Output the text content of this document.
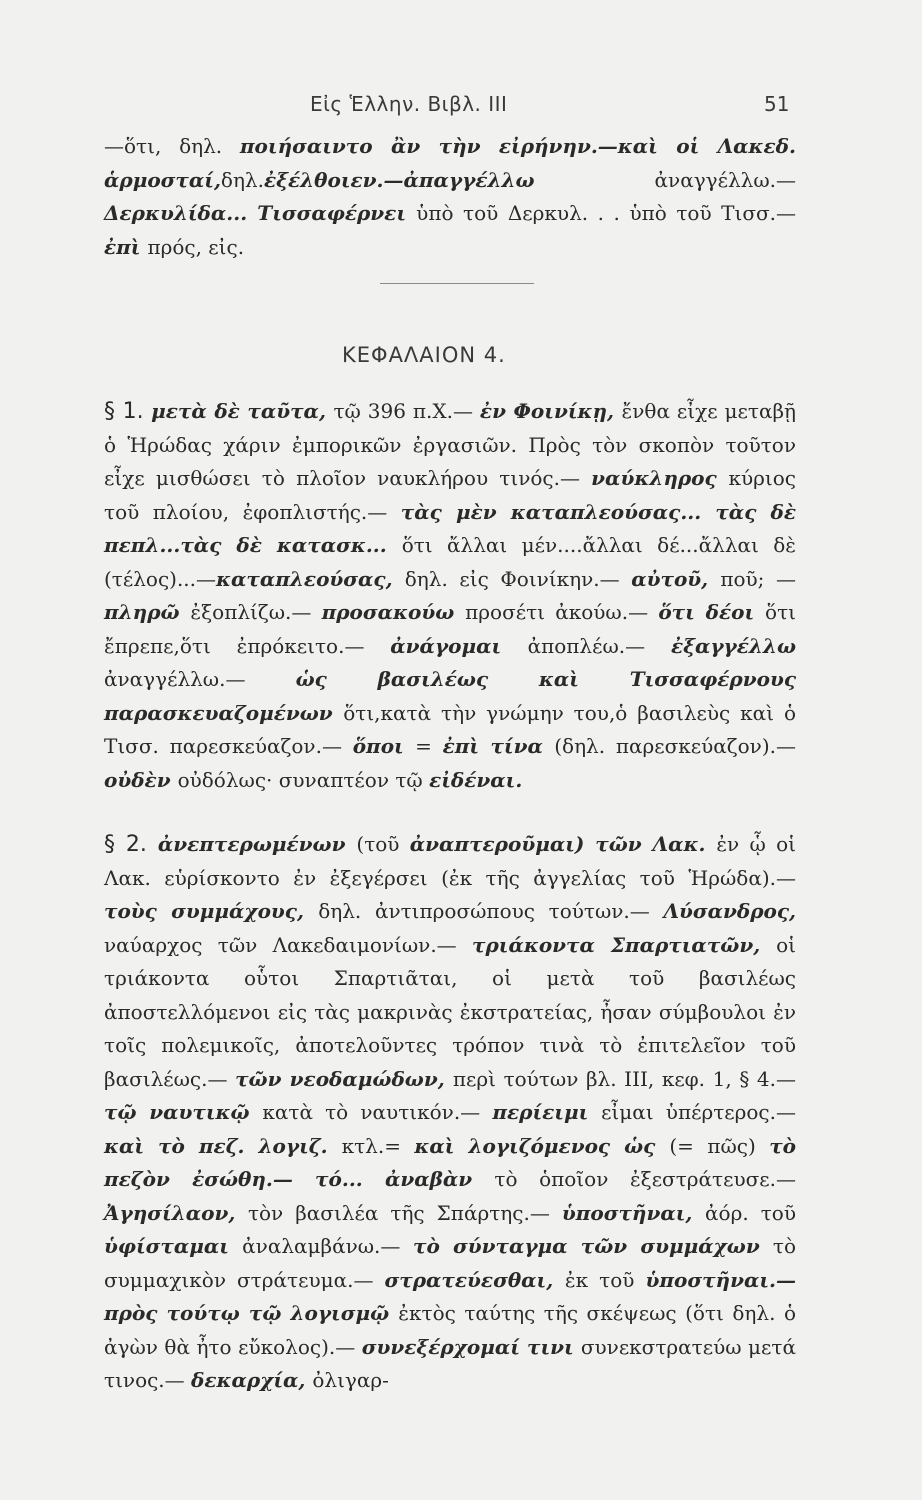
Εἰς Ἑλλην. Βιβλ. III	51
—ὅτι, δηλ. ποιήσαιντο ἂν τὴν εἰρήνην.—καὶ οἱ Λακεδ. ἁρμοσταί,δηλ.ἐξέλθοιεν.—ἀπαγγέλλω ἀναγγέλλω.—Δερκυλίδα... Τισσαφέρνει ὑπὸ τοῦ Δερκυλ. . . ὑπὸ τοῦ Τισσ.—ἐπὶ πρός, εἰς.
ΚΕΦΑΛΑΙΟΝ 4.
§ 1. μετὰ δὲ ταῦτα, τῷ 396 π.Χ.— ἐν Φοινίκῃ, ἔνθα εἶχε μεταβῇ ὁ Ἡρώδας χάριν ἐμπορικῶν ἐργασιῶν. Πρὸς τὸν σκοπὸν τοῦτον εἶχε μισθώσει τὸ πλοῖον ναυκλήρου τινός.— ναύκληρος κύριος τοῦ πλοίου, ἐφοπλιστής.— τὰς μὲν καταπλεούσας... τὰς δὲ πεπλ...τὰς δὲ κατασκ... ὅτι ἄλλαι μέν....ἄλλαι δέ...ἄλλαι δὲ (τέλος)...—καταπλεούσας, δηλ. εἰς Φοινίκην.— αὐτοῦ, ποῦ; — πληρῶ ἐξοπλίζω.— προσακούω προσέτι ἀκούω.— ὅτι δέοι ὅτι ἔπρεπε,ὅτι ἐπρόκειτο.— ἀνάγομαι ἀποπλέω.— ἐξαγγέλλω ἀναγγέλλω.— ὡς βασιλέως καὶ Τισσαφέρνους παρασκευαζομένων ὅτι,κατὰ τὴν γνώμην του,ὁ βασιλεὺς καὶ ὁ Τισσ. παρεσκεύαζον.— ὅποι = ἐπὶ τίνα (δηλ. παρεσκεύαζον).— οὐδὲν οὐδόλως· συναπτέον τῷ εἰδέναι.
§ 2. ἀνεπτερωμένων (τοῦ ἀναπτεροῦμαι) τῶν Λακ. ἐν ᾧ οἱ Λακ. εὑρίσκοντο ἐν ἐξεγέρσει (ἐκ τῆς ἀγγελίας τοῦ Ἡρώδα).— τοὺς συμμάχους, δηλ. ἀντιπροσώπους τούτων.— Λύσανδρος, ναύαρχος τῶν Λακεδαιμονίων.— τριάκοντα Σπαρτιατῶν, οἱ τριάκοντα οὗτοι Σπαρτιᾶται, οἱ μετὰ τοῦ βασιλέως ἀποστελλόμενοι εἰς τὰς μακρινὰς ἐκστρατείας, ἦσαν σύμβουλοι ἐν τοῖς πολεμικοῖς, ἀποτελοῦντες τρόπον τινὰ τὸ ἐπιτελεῖον τοῦ βασιλέως.— τῶν νεοδαμώδων, περὶ τούτων βλ. III, κεφ. 1, § 4.—τῷ ναυτικῷ κατὰ τὸ ναυτικόν.— περίειμι εἶμαι ὑπέρτερος.— καὶ τὸ πεζ. λογιζ. κτλ.= καὶ λογιζόμενος ὡς (= πῶς) τὸ πεζὸν ἐσώθη.— τό... ἀναβὰν τὸ ὁποῖον ἐξεστράτευσε.— Ἀγησίλαον, τὸν βασιλέα τῆς Σπάρτης.— ὑποστῆναι, ἀόρ. τοῦ ὑφίσταμαι ἀναλαμβάνω.— τὸ σύνταγμα τῶν συμμάχων τὸ συμμαχικὸν στράτευμα.— στρατεύεσθαι, ἐκ τοῦ ὑποστῆναι.—πρὸς τούτῳ τῷ λογισμῷ ἐκτὸς ταύτης τῆς σκέψεως (ὅτι δηλ. ὁ ἀγὼν θὰ ἦτο εὔκολος).— συνεξέρχομαί τινι συνεκστρατεύω μετά τινος.— δεκαρχία, ὀλιγαρ-
